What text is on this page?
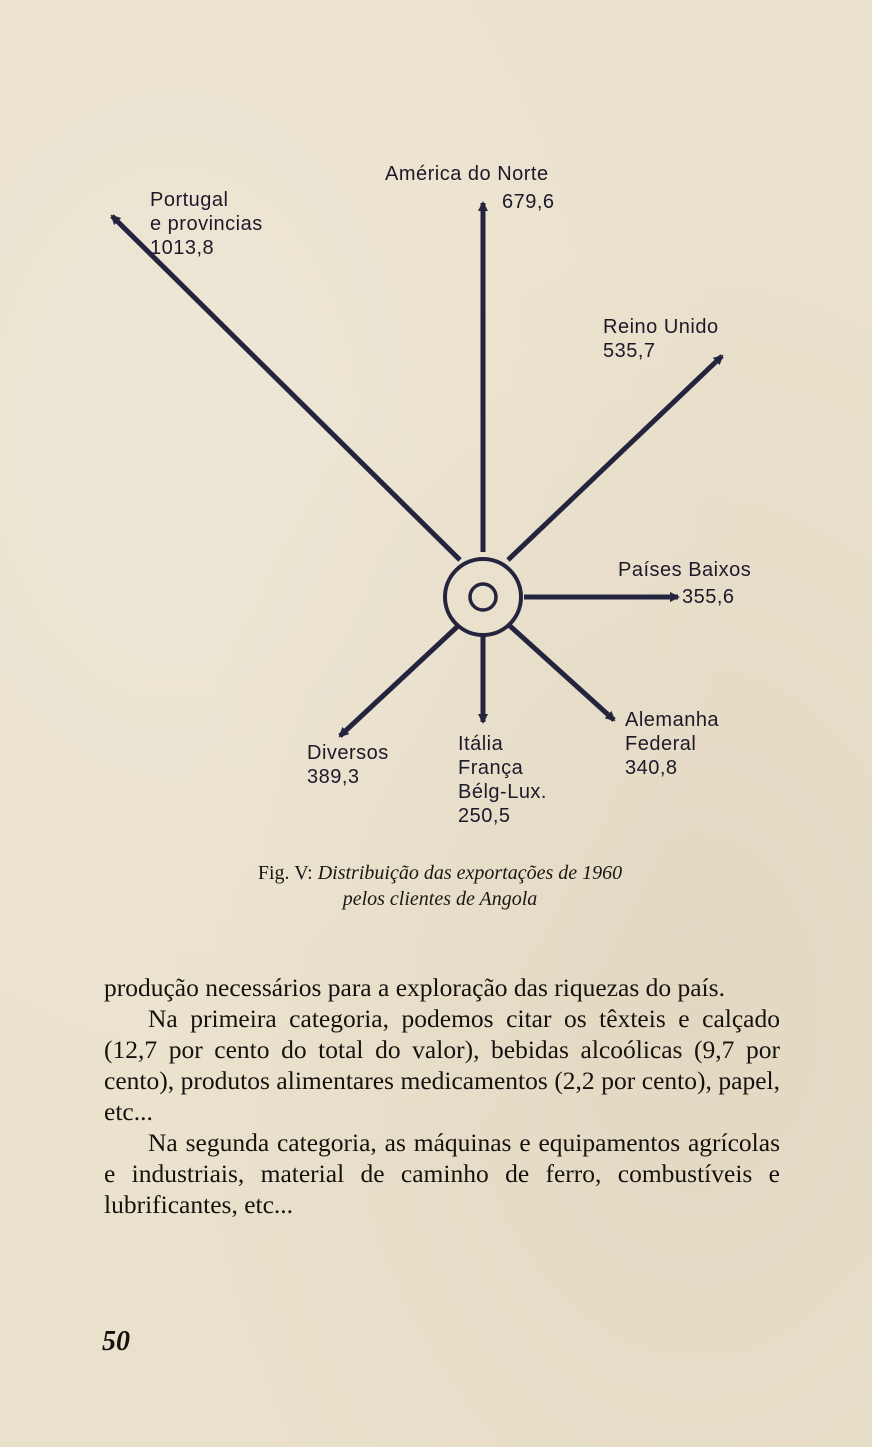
Portugal
e provincias
1013,8
América do Norte
679,6
Reino Unido
535,7
Países Baixos
355,6
Alemanha
Federal
340,8
Itália
França
Bélg-Lux.
250,5
Diversos
389,3
Fig. V: Distribuição das exportações de 1960
pelos clientes de Angola

produção necessários para a exploração das riquezas do país.

Na primeira categoria, podemos citar os têxteis e calçado (12,7 por cento do total do valor), bebidas alcoólicas (9,7 por cento), produtos alimentares medicamentos (2,2 por cento), papel, etc...

Na segunda categoria, as máquinas e equipamentos agrícolas e industriais, material de caminho de ferro, combustíveis e lubrificantes, etc...

50
